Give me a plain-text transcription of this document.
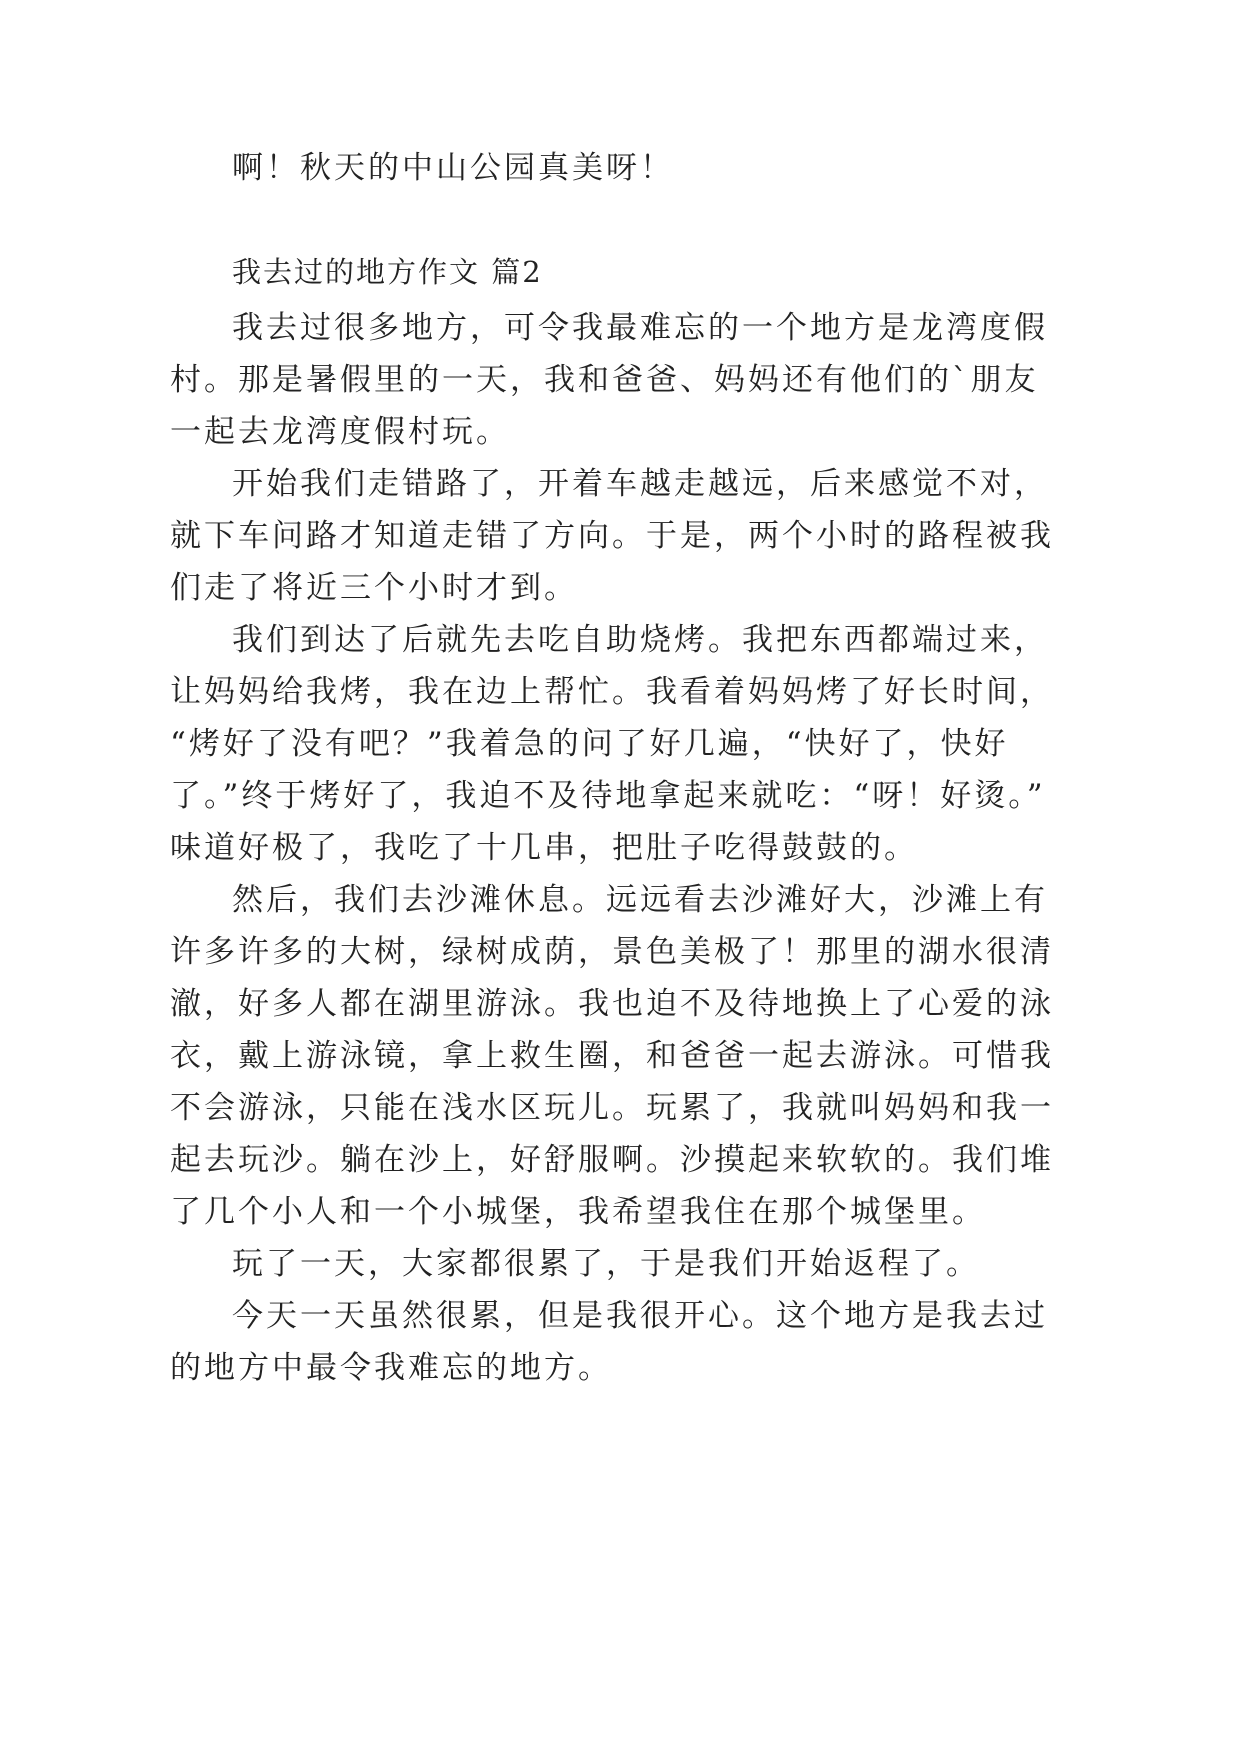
啊！秋天的中山公园真美呀！
我去过的地方作文 篇2
我去过很多地方，可令我最难忘的一个地方是龙湾度假
村。那是暑假里的一天，我和爸爸、妈妈还有他们的`朋友
一起去龙湾度假村玩。
开始我们走错路了，开着车越走越远，后来感觉不对，
就下车问路才知道走错了方向。于是，两个小时的路程被我
们走了将近三个小时才到。
我们到达了后就先去吃自助烧烤。我把东西都端过来，
让妈妈给我烤，我在边上帮忙。我看着妈妈烤了好长时间，
“烤好了没有吧？”我着急的问了好几遍，“快好了，快好
了。”终于烤好了，我迫不及待地拿起来就吃：“呀！好烫。”
味道好极了，我吃了十几串，把肚子吃得鼓鼓的。
然后，我们去沙滩休息。远远看去沙滩好大，沙滩上有
许多许多的大树，绿树成荫，景色美极了！那里的湖水很清
澈，好多人都在湖里游泳。我也迫不及待地换上了心爱的泳
衣，戴上游泳镜，拿上救生圈，和爸爸一起去游泳。可惜我
不会游泳，只能在浅水区玩儿。玩累了，我就叫妈妈和我一
起去玩沙。躺在沙上，好舒服啊。沙摸起来软软的。我们堆
了几个小人和一个小城堡，我希望我住在那个城堡里。
玩了一天，大家都很累了，于是我们开始返程了。
今天一天虽然很累，但是我很开心。这个地方是我去过
的地方中最令我难忘的地方。
